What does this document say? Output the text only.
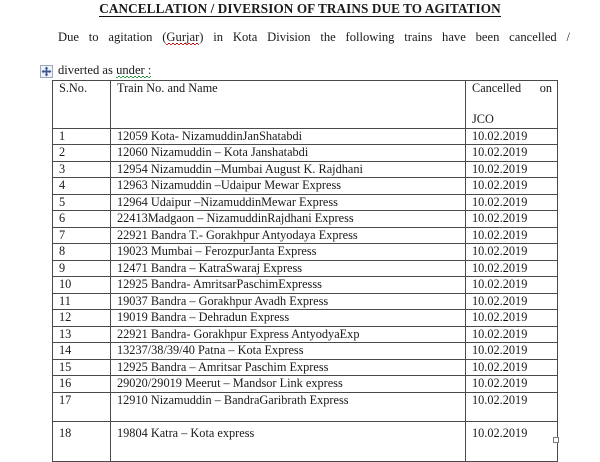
CANCELLATION / DIVERSION OF TRAINS DUE TO AGITATION
Due to agitation (Gurjar) in Kota Division the following trains have been cancelled /
diverted as under :
S.No.	Train No. and Name	Cancelled on
JCO
1	12059 Kota- NizamuddinJanShatabdi	10.02.2019
2	12060 Nizamuddin – Kota Janshatabdi	10.02.2019
3	12954 Nizamuddin –Mumbai August K. Rajdhani	10.02.2019
4	12963 Nizamuddin –Udaipur Mewar Express	10.02.2019
5	12964 Udaipur –NizamuddinMewar Express	10.02.2019
6	22413Madgaon – NizamuddinRajdhani Express	10.02.2019
7	22921 Bandra T.- Gorakhpur Antyodaya Express	10.02.2019
8	19023 Mumbai – FerozpurJanta Express	10.02.2019
9	12471 Bandra – KatraSwaraj Express	10.02.2019
10	12925 Bandra- AmritsarPaschimExpresss	10.02.2019
11	19037 Bandra – Gorakhpur Avadh Express	10.02.2019
12	19019 Bandra – Dehradun Express	10.02.2019
13	22921 Bandra- Gorakhpur Express AntyodyaExp	10.02.2019
14	13237/38/39/40 Patna – Kota Express	10.02.2019
15	12925 Bandra – Amritsar Paschim Express	10.02.2019
16	29020/29019 Meerut – Mandsor Link express	10.02.2019
17	12910 Nizamuddin – BandraGaribrath Express	10.02.2019
18	19804 Katra – Kota express	10.02.2019
